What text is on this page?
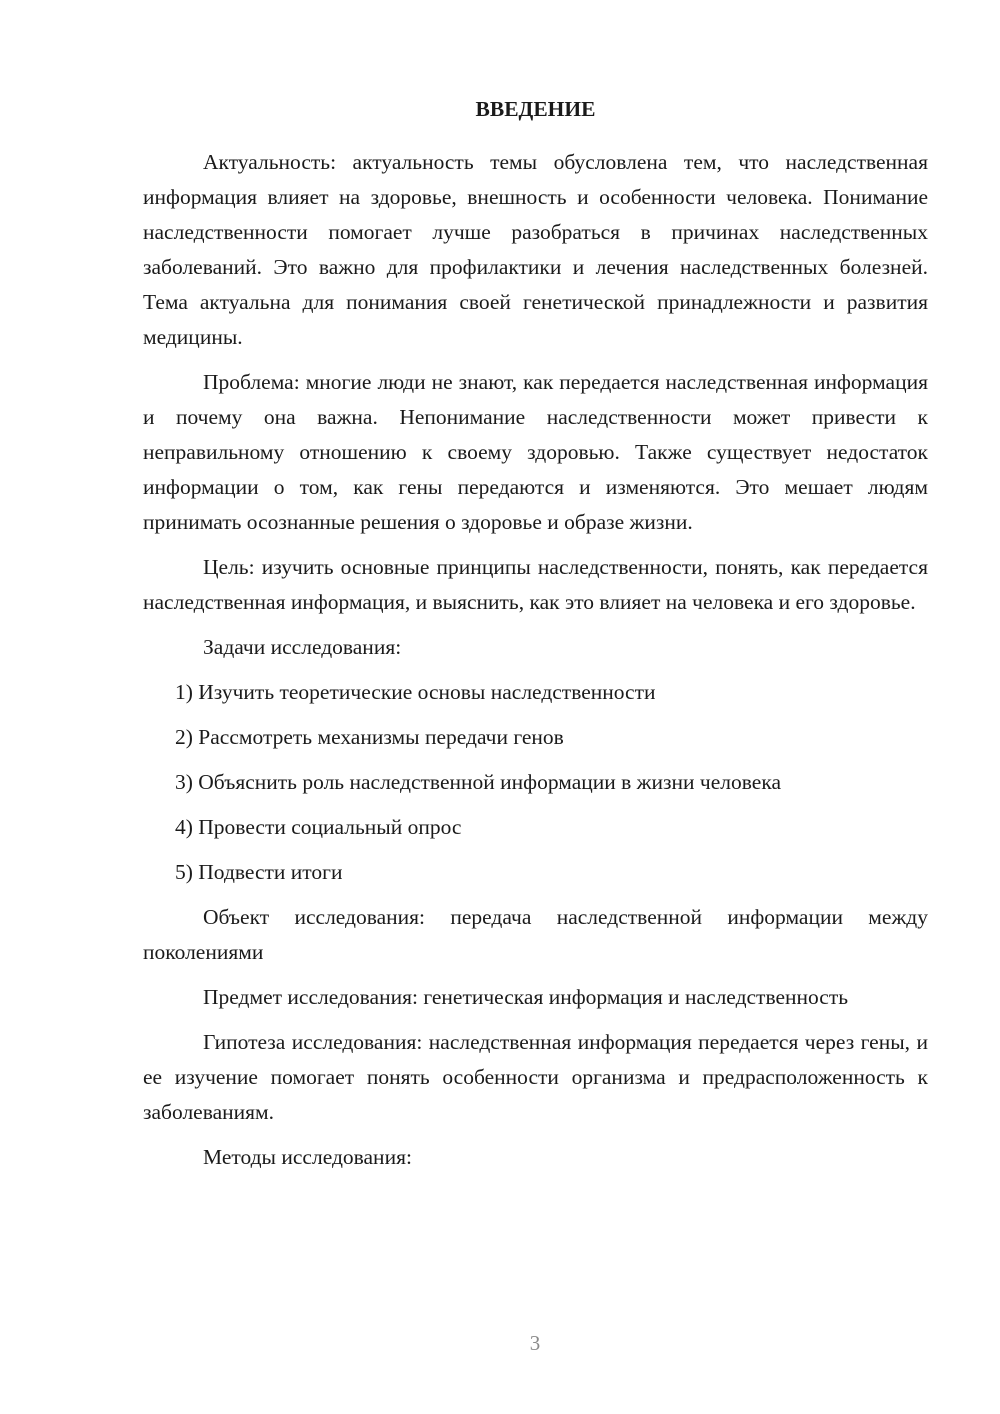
ВВЕДЕНИЕ

Актуальность: актуальность темы обусловлена тем, что наследственная информация влияет на здоровье, внешность и особенности человека. Понимание наследственности помогает лучше разобраться в причинах наследственных заболеваний. Это важно для профилактики и лечения наследственных болезней. Тема актуальна для понимания своей генетической принадлежности и развития медицины.

Проблема: многие люди не знают, как передается наследственная информация и почему она важна. Непонимание наследственности может привести к неправильному отношению к своему здоровью. Также существует недостаток информации о том, как гены передаются и изменяются. Это мешает людям принимать осознанные решения о здоровье и образе жизни.

Цель: изучить основные принципы наследственности, понять, как передается наследственная информация, и выяснить, как это влияет на человека и его здоровье.

Задачи исследования:

1) Изучить теоретические основы наследственности

2) Рассмотреть механизмы передачи генов

3) Объяснить роль наследственной информации в жизни человека

4) Провести социальный опрос

5) Подвести итоги

Объект исследования: передача наследственной информации между поколениями

Предмет исследования: генетическая информация и наследственность

Гипотеза исследования: наследственная информация передается через гены, и ее изучение помогает понять особенности организма и предрасположенность к заболеваниям.

Методы исследования:

3
